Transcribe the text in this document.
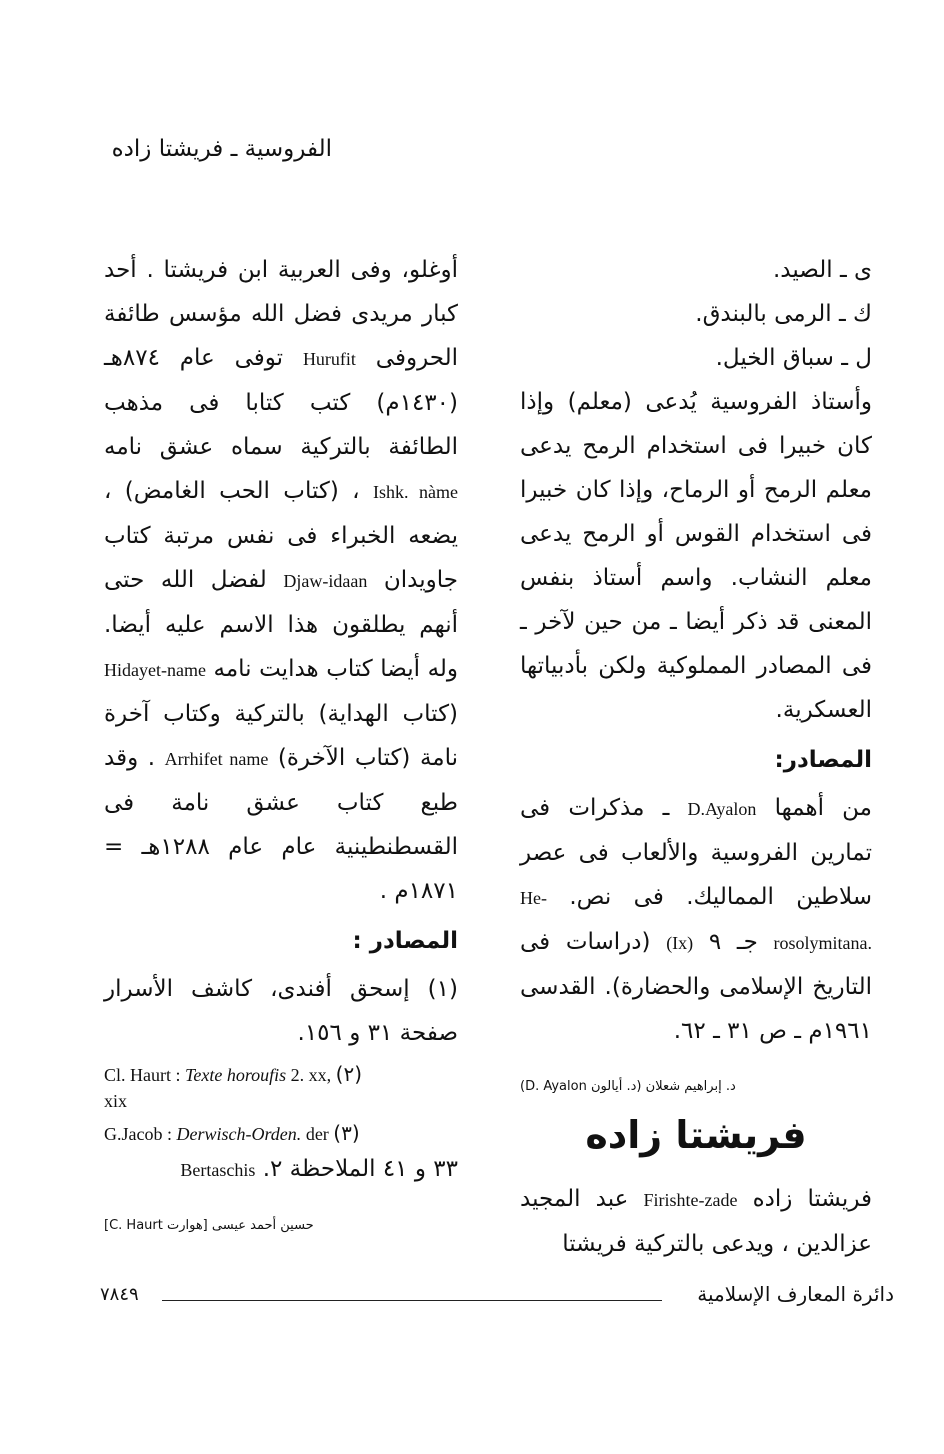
الفروسية ـ فريشتا زاده

ى ـ الصيد.

ك ـ الرمى بالبندق.

ل ـ سباق الخيل.

وأستاذ الفروسية يُدعى (معلم) وإذا كان خبيرا فى استخدام الرمح يدعى معلم الرمح أو الرماح، وإذا كان خبيرا فى استخدام القوس أو الرمح يدعى معلم النشاب. واسم أستاذ بنفس المعنى قد ذكر أيضا ـ من حين لآخر ـ فى المصادر المملوكية ولكن بأدبياتها العسكرية.

المصادر:

من أهمها D.Ayalon ـ مذكرات فى تمارين الفروسية والألعاب فى عصر سلاطين المماليك. فى نص. He-rosolymitana. جـ ٩ (Ix) (دراسات فى التاريخ الإسلامى والحضارة). القدسى ١٩٦١م ـ ص ٣١ ـ ٦٢.

د. إبراهيم شعلان (د. أيالون D. Ayalon)

فريشتا زاده

فريشتا زاده Firishte-zade عبد المجيد عزالدين ، ويدعى بالتركية فريشتا

أوغلو، وفى العربية ابن فريشتا . أحد كبار مريدى فضل الله مؤسس طائفة الحروفى Hurufit توفى عام ٨٧٤هـ (١٤٣٠م) كتب كتابا فى مذهب الطائفة بالتركية سماه عشق نامه Ishk. nàme ، (كتاب الحب الغامض) ، يضعه الخبراء فى نفس مرتبة كتاب جاويدان Djaw-idaan لفضل الله حتى أنهم يطلقون هذا الاسم عليه أيضا. وله أيضا كتاب هدايت نامه Hidayet-name (كتاب الهداية) بالتركية وكتاب آخرة نامة (كتاب الآخرة) Arrhifet name . وقد طبع كتاب عشق نامة فى القسطنطينية عام عام ١٢٨٨هـ = ١٨٧١م .

المصادر :

(١) إسحق أفندى، كاشف الأسرار صفحة ٣١ و ١٥٦.

Cl. Haurt : Texte horoufis 2. xx, (٢)
xix
G.Jacob : Derwisch-Orden. der (٣)

٣٣ و ٤١ الملاحظة ٢. Bertaschis

حسين أحمد عيسى [هوارت C. Haurt]

٧٨٤٩	دائرة المعارف الإسلامية
